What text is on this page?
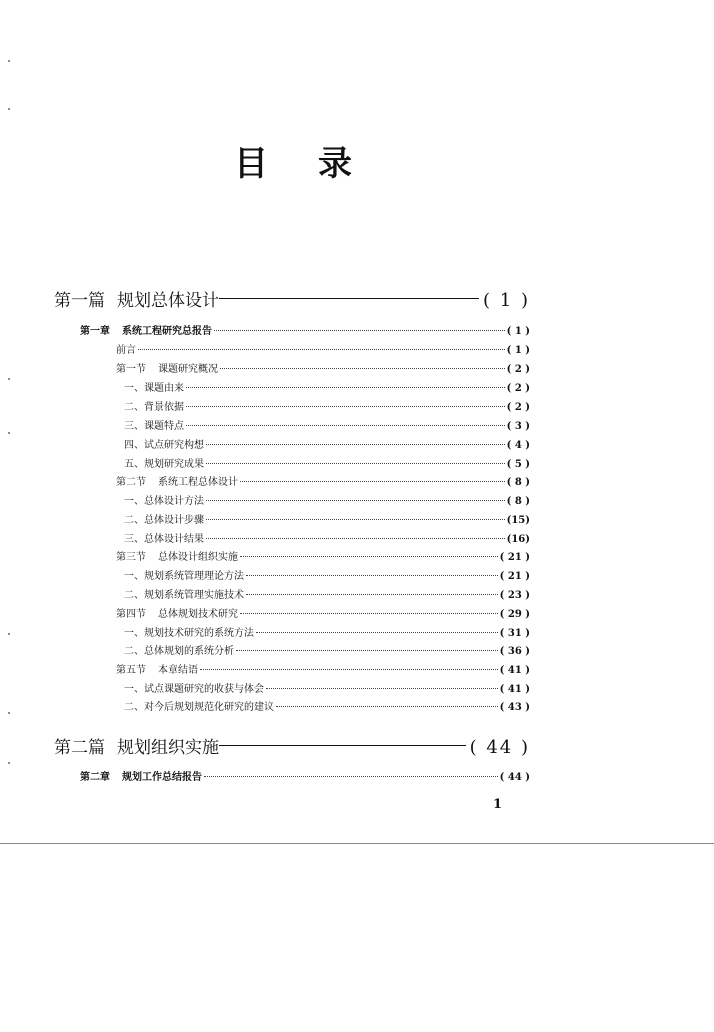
目 录
第一篇 规划总体设计	( 1 )
第一章 系统工程研究总报告	( 1 )
前言	( 1 )
第一节 课题研究概况	( 2 )
一、课题由来	( 2 )
二、背景依据	( 2 )
三、课题特点	( 3 )
四、试点研究构想	( 4 )
五、规划研究成果	( 5 )
第二节 系统工程总体设计	( 8 )
一、总体设计方法	( 8 )
二、总体设计步骤	(15)
三、总体设计结果	(16)
第三节 总体设计组织实施	( 21 )
一、规划系统管理理论方法	( 21 )
二、规划系统管理实施技术	( 23 )
第四节 总体规划技术研究	( 29 )
一、规划技术研究的系统方法	( 31 )
二、总体规划的系统分析	( 36 )
第五节 本章结语	( 41 )
一、试点课题研究的收获与体会	( 41 )
二、对今后规划规范化研究的建议	( 43 )
第二篇 规划组织实施	( 44 )
第二章 规划工作总结报告	( 44 )
1
